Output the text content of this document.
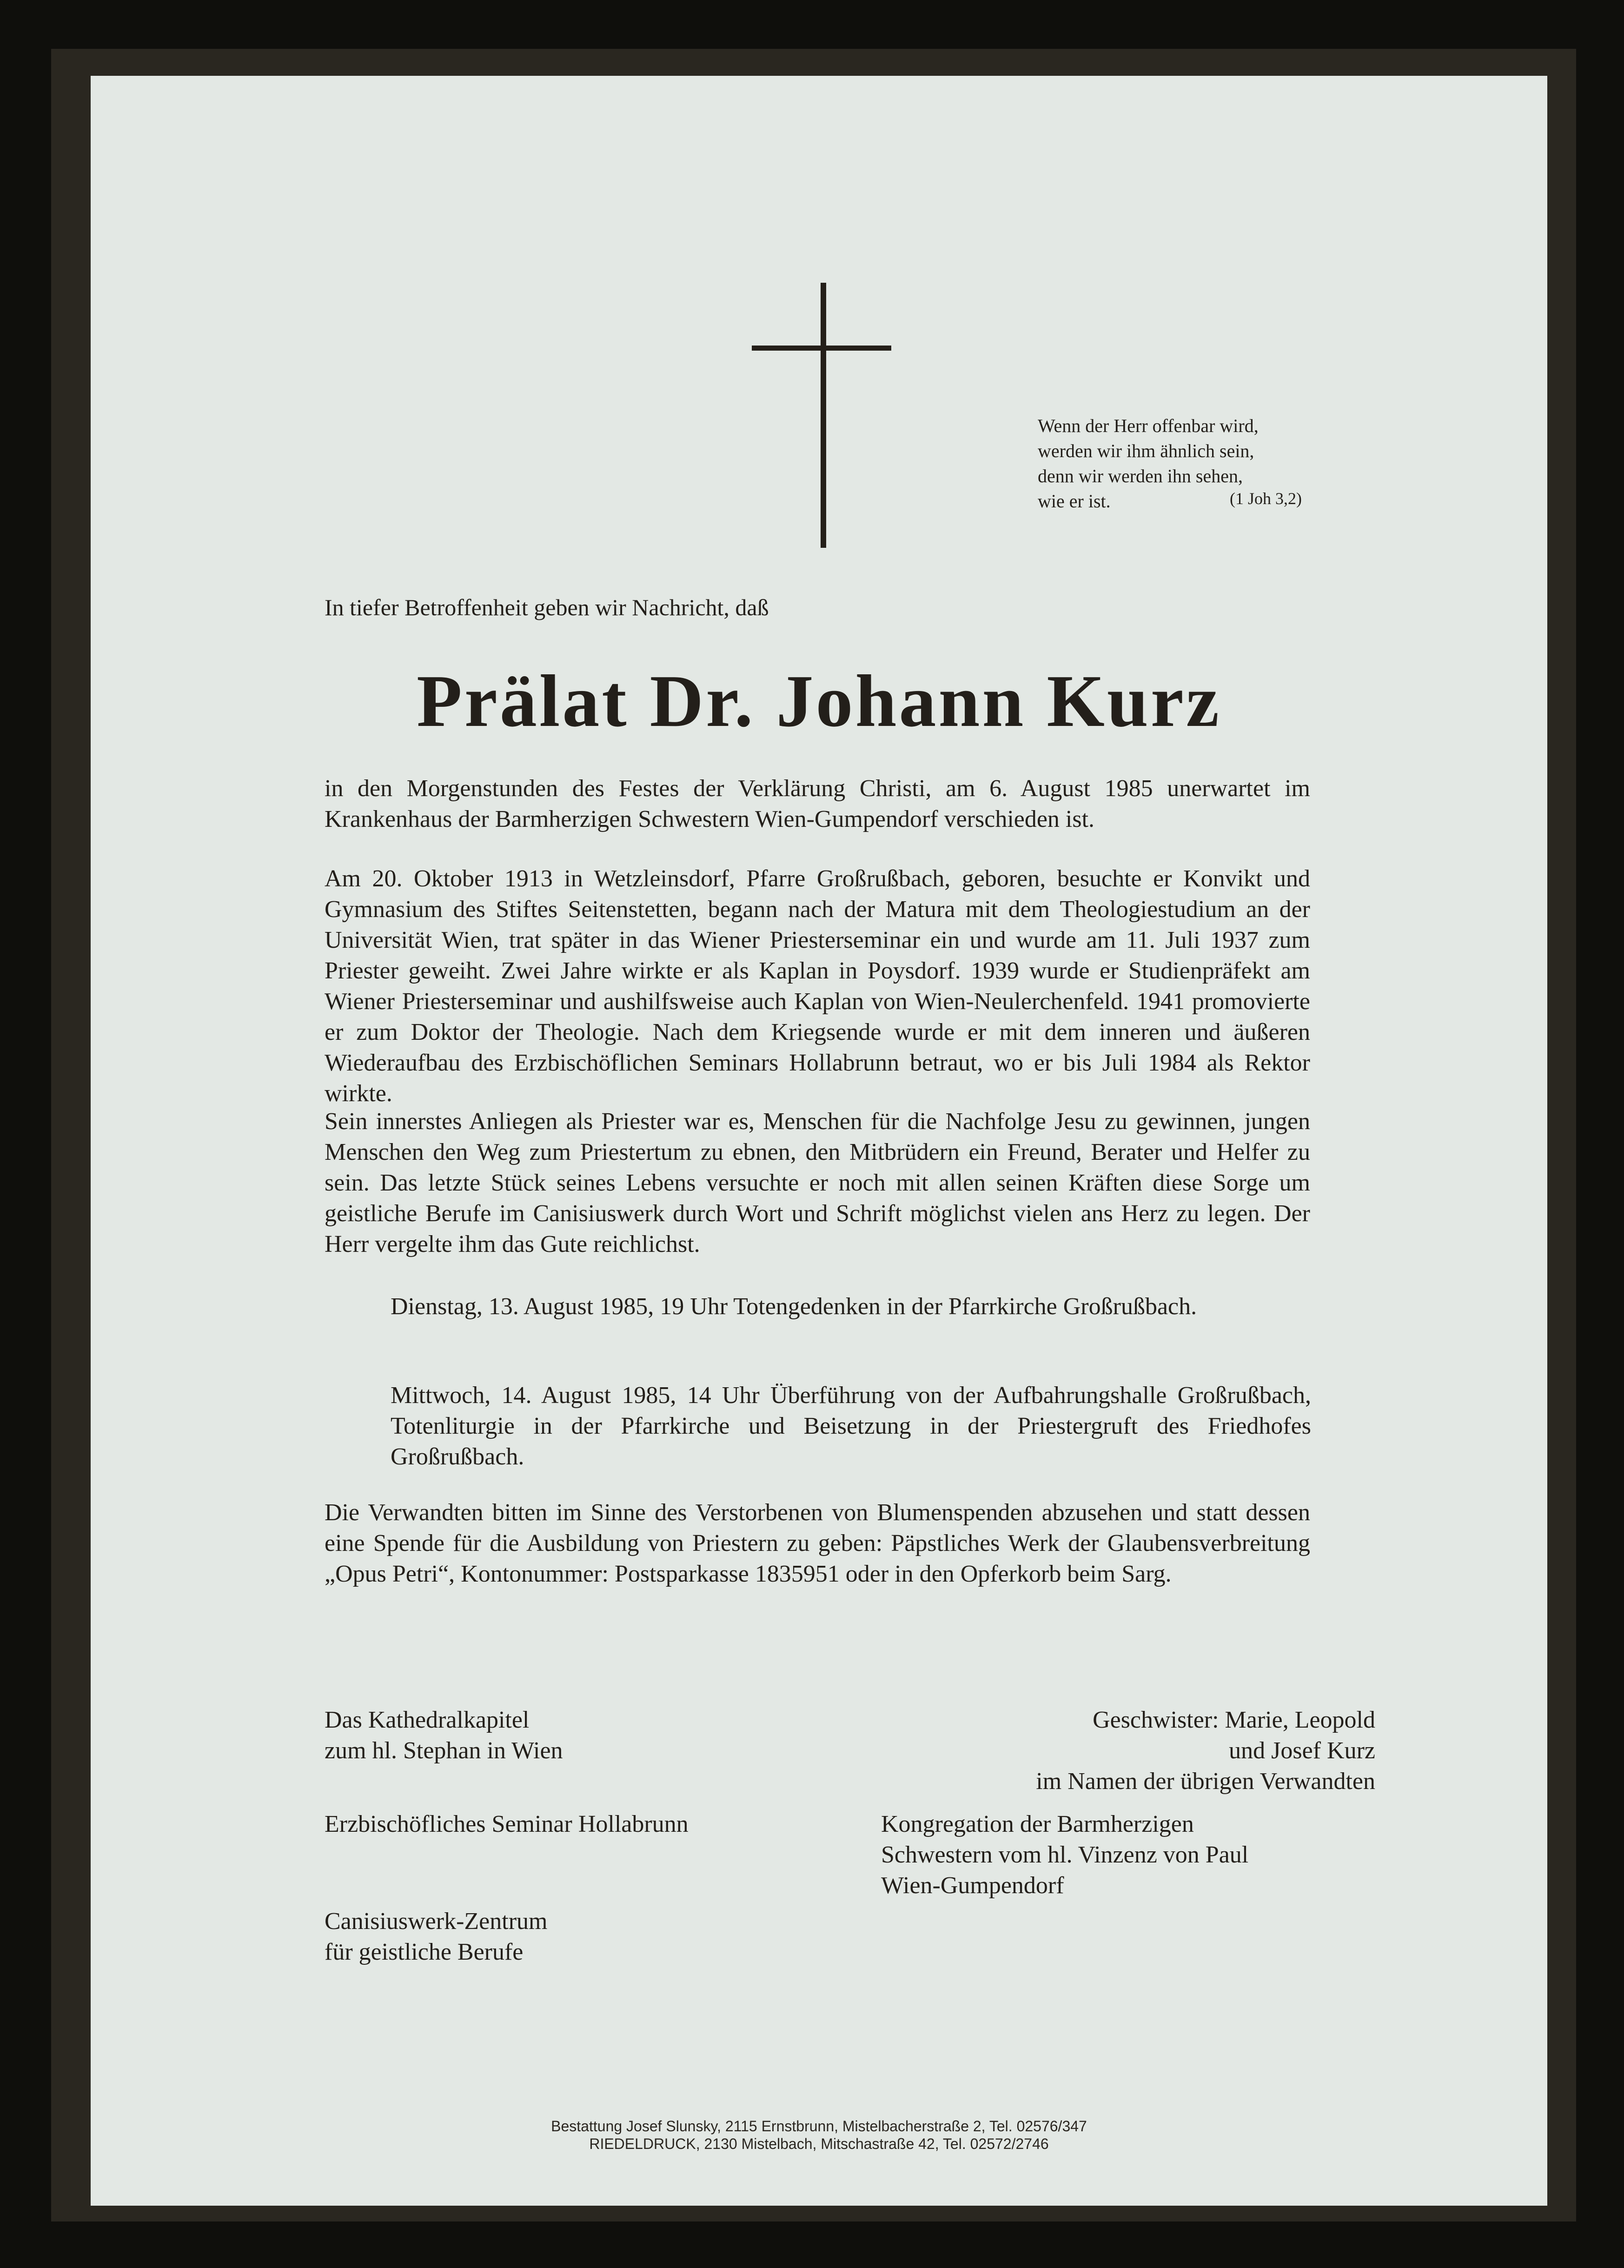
Wenn der Herr offenbar wird,
werden wir ihm ähnlich sein,
denn wir werden ihn sehen,
wie er ist.	(1 Joh 3,2)
In tiefer Betroffenheit geben wir Nachricht, daß
Prälat Dr. Johann Kurz

in den Morgenstunden des Festes der Verklärung Christi, am 6. August 1985 unerwartet im Krankenhaus der Barmherzigen Schwestern Wien-Gumpendorf verschieden ist.

Am 20. Oktober 1913 in Wetzleinsdorf, Pfarre Großrußbach, geboren, besuchte er Konvikt und Gymnasium des Stiftes Seitenstetten, begann nach der Matura mit dem Theologiestudium an der Universität Wien, trat später in das Wiener Priesterseminar ein und wurde am 11. Juli 1937 zum Priester geweiht. Zwei Jahre wirkte er als Kaplan in Poysdorf. 1939 wurde er Studienpräfekt am Wiener Priesterseminar und aushilfsweise auch Kaplan von Wien-Neulerchenfeld. 1941 promovierte er zum Doktor der Theologie. Nach dem Kriegsende wurde er mit dem inneren und äußeren Wiederaufbau des Erzbischöflichen Seminars Hollabrunn betraut, wo er bis Juli 1984 als Rektor wirkte.

Sein innerstes Anliegen als Priester war es, Menschen für die Nachfolge Jesu zu gewinnen, jungen Menschen den Weg zum Priestertum zu ebnen, den Mitbrüdern ein Freund, Berater und Helfer zu sein. Das letzte Stück seines Lebens versuchte er noch mit allen seinen Kräften diese Sorge um geistliche Berufe im Canisiuswerk durch Wort und Schrift möglichst vielen ans Herz zu legen. Der Herr vergelte ihm das Gute reichlichst.

Dienstag, 13. August 1985, 19 Uhr Totengedenken in der Pfarrkirche Großrußbach.

Mittwoch, 14. August 1985, 14 Uhr Überführung von der Aufbahrungshalle Großrußbach, Totenliturgie in der Pfarrkirche und Beisetzung in der Priestergruft des Friedhofes Großrußbach.

Die Verwandten bitten im Sinne des Verstorbenen von Blumenspenden abzusehen und statt dessen eine Spende für die Ausbildung von Priestern zu geben: Päpstliches Werk der Glaubensverbreitung „Opus Petri“, Kontonummer: Postsparkasse 1835951 oder in den Opferkorb beim Sarg.

Das Kathedralkapitel
zum hl. Stephan in Wien
Erzbischöfliches Seminar Hollabrunn
Canisiuswerk-Zentrum
für geistliche Berufe
Geschwister: Marie, Leopold
und Josef Kurz
im Namen der übrigen Verwandten
Kongregation der Barmherzigen
Schwestern vom hl. Vinzenz von Paul
Wien-Gumpendorf
Bestattung Josef Slunsky, 2115 Ernstbrunn, Mistelbacherstraße 2, Tel. 02576/347
RIEDELDRUCK, 2130 Mistelbach, Mitschastraße 42, Tel. 02572/2746
